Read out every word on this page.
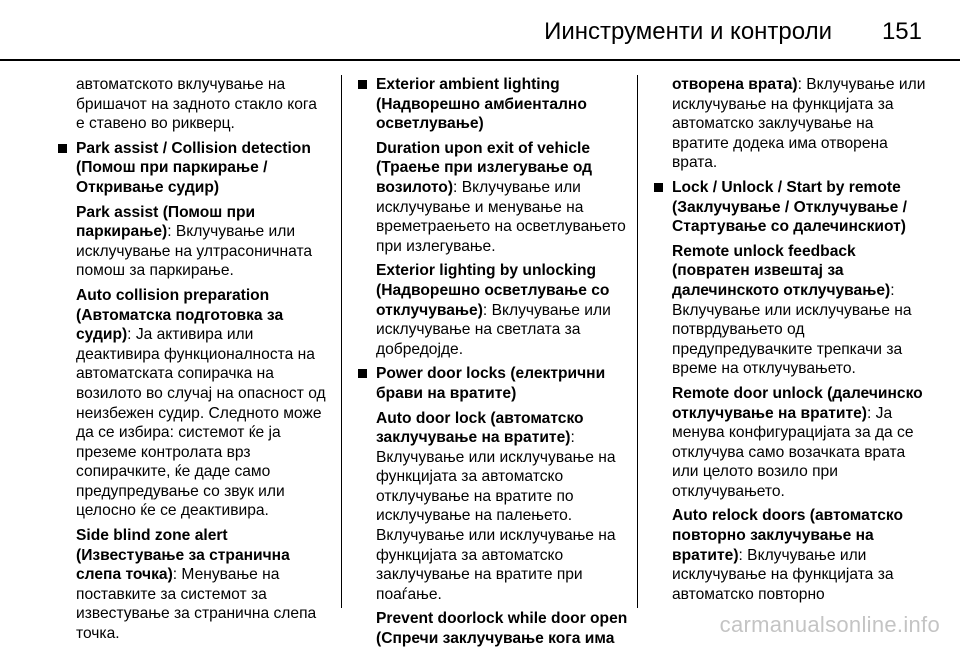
Иинструменти и контроли 151

автоматското вклучување на бришачот на задното стакло кога е ставено во рикверц.

Park assist / Collision detection (Помош при паркирање / Откривање судир)

Park assist (Помош при паркирање): Вклучување или исклучување на ултрасоничната помош за паркирање.

Auto collision preparation (Автоматска подготовка за судир): Ја активира или деактивира функционалноста на автоматската сопирачка на возилото во случај на опасност од неизбежен судир. Следното може да се избира: системот ќе ја преземе контролата врз сопирачките, ќе даде само предупредување со звук или целосно ќе се деактивира.

Side blind zone alert (Известување за странична слепа точка): Менување на поставките за системот за известување за странична слепа точка.

Exterior ambient lighting (Надворешно амбиентално осветлување)

Duration upon exit of vehicle (Траење при излегување од возилото): Вклучување или исклучување и менување на времетраењето на осветлувањето при излегување.

Exterior lighting by unlocking (Надворешно осветлување со отклучување): Вклучување или исклучување на светлата за добредојде.

Power door locks (електрични брави на вратите)

Auto door lock (автоматско заклучување на вратите): Вклучување или исклучување на функцијата за автоматско отклучување на вратите по исклучување на палењето. Вклучување или исклучување на функцијата за автоматско заклучување на вратите при поаѓање.

Prevent doorlock while door open (Спречи заклучување кога има

отворена врата): Вклучување или исклучување на функцијата за автоматско заклучување на вратите додека има отворена врата.

Lock / Unlock / Start by remote (Заклучување / Отклучување / Стартување со далечинскиот)

Remote unlock feedback (повратен извештај за далечинското отклучување): Вклучување или исклучување на потврдувањето од предупредувачките трепкачи за време на отклучувањето.

Remote door unlock (далечинско отклучување на вратите): Ја менува конфигурацијата за да се отклучува само возачката врата или целото возило при отклучувањето.

Auto relock doors (автоматско повторно заклучување на вратите): Вклучување или исклучување на функцијата за автоматско повторно

carmanualsonline.info
